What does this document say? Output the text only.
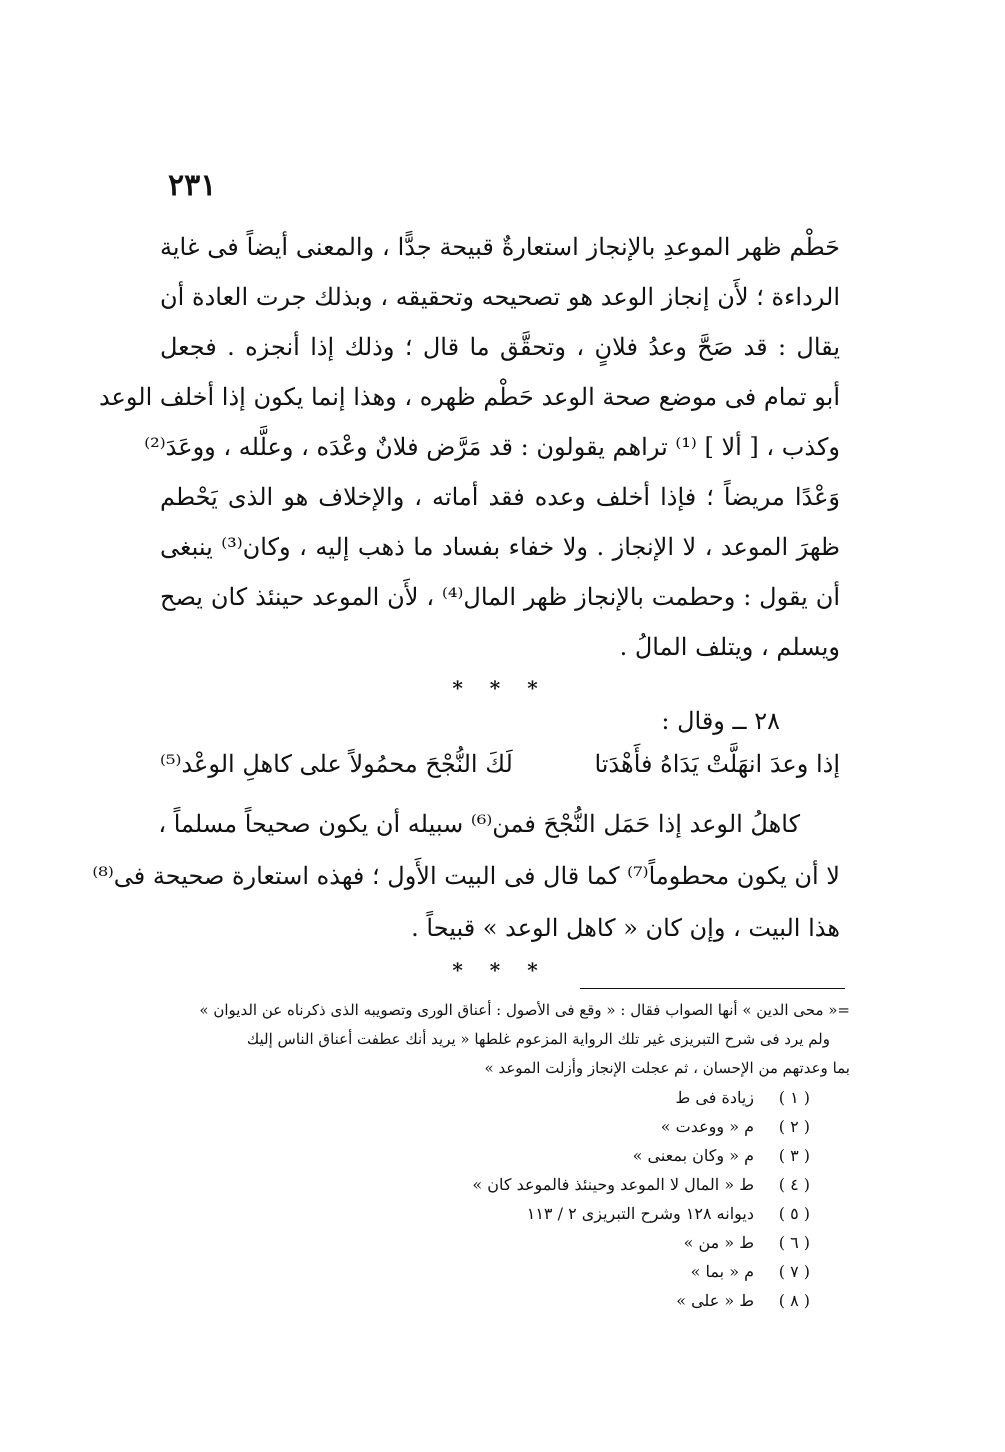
٢٣١

حَطْم ظهر الموعدِ بالإنجاز استعارةٌ قبيحة جدًّا ، والمعنى أيضاً فى غاية
الرداءة ؛ لأَن إنجاز الوعد هو تصحيحه وتحقيقه ، وبذلك جرت العادة أن
يقال : قد صَحَّ وعدُ فلانٍ ، وتحقَّق ما قال ؛ وذلك إذا أنجزه . فجعل
أبو تمام فى موضع صحة الوعد حَطْم ظهره ، وهذا إنما يكون إذا أخلف الوعد
وكذب ، [ ألا ] ⁽¹⁾ تراهم يقولون : قد مَرَّض فلانٌ وعْدَه ، وعلَّله ، ووعَدَ⁽²⁾
وَعْدًا مريضاً ؛ فإذا أخلف وعده فقد أماته ، والإخلاف هو الذى يَحْطم
ظهرَ الموعد ، لا الإنجاز . ولا خفاء بفساد ما ذهب إليه ، وكان⁽³⁾ ينبغى
أن يقول : وحطمت بالإنجاز ظهر المال⁽⁴⁾ ، لأَن الموعد حينئذ كان يصح
ويسلم ، ويتلف المالُ .

* * *
٢٨ ــ وقال :
إذا وعدَ انهَلَّتْ يَدَاهُ فأَهْدَتا
لَكَ النُّجْحَ محمُولاً على كاهلِ الوعْد⁽⁵⁾
كاهلُ الوعد إذا حَمَل النُّجْحَ فمن⁽⁶⁾ سبيله أن يكون صحيحاً مسلماً ،
لا أن يكون محطوماً⁽⁷⁾ كما قال فى البيت الأَول ؛ فهذه استعارة صحيحة فى⁽⁸⁾
هذا البيت ، وإن كان « كاهل الوعد » قبيحاً .
* * *
=« محى الدين » أنها الصواب فقال : « وقع فى الأصول : أعناق الورى وتصويبه الذى ذكرناه عن الديوان »
ولم يرد فى شرح التبريزى غير تلك الرواية المزعوم غلطها « يريد أنك عطفت أعناق الناس إليك
بما وعدتهم من الإحسان ، ثم عجلت الإنجاز وأزلت الموعد »
( ١ )زيادة فى ط
( ٢ )م « ووعدت »
( ٣ )م « وكان بمعنى »
( ٤ )ط « المال لا الموعد وحينئذ فالموعد كان »
( ٥ )ديوانه ١٢٨ وشرح التبريزى ٢ / ١١٣
( ٦ )ط « من »
( ٧ )م « بما »
( ٨ )ط « على »
